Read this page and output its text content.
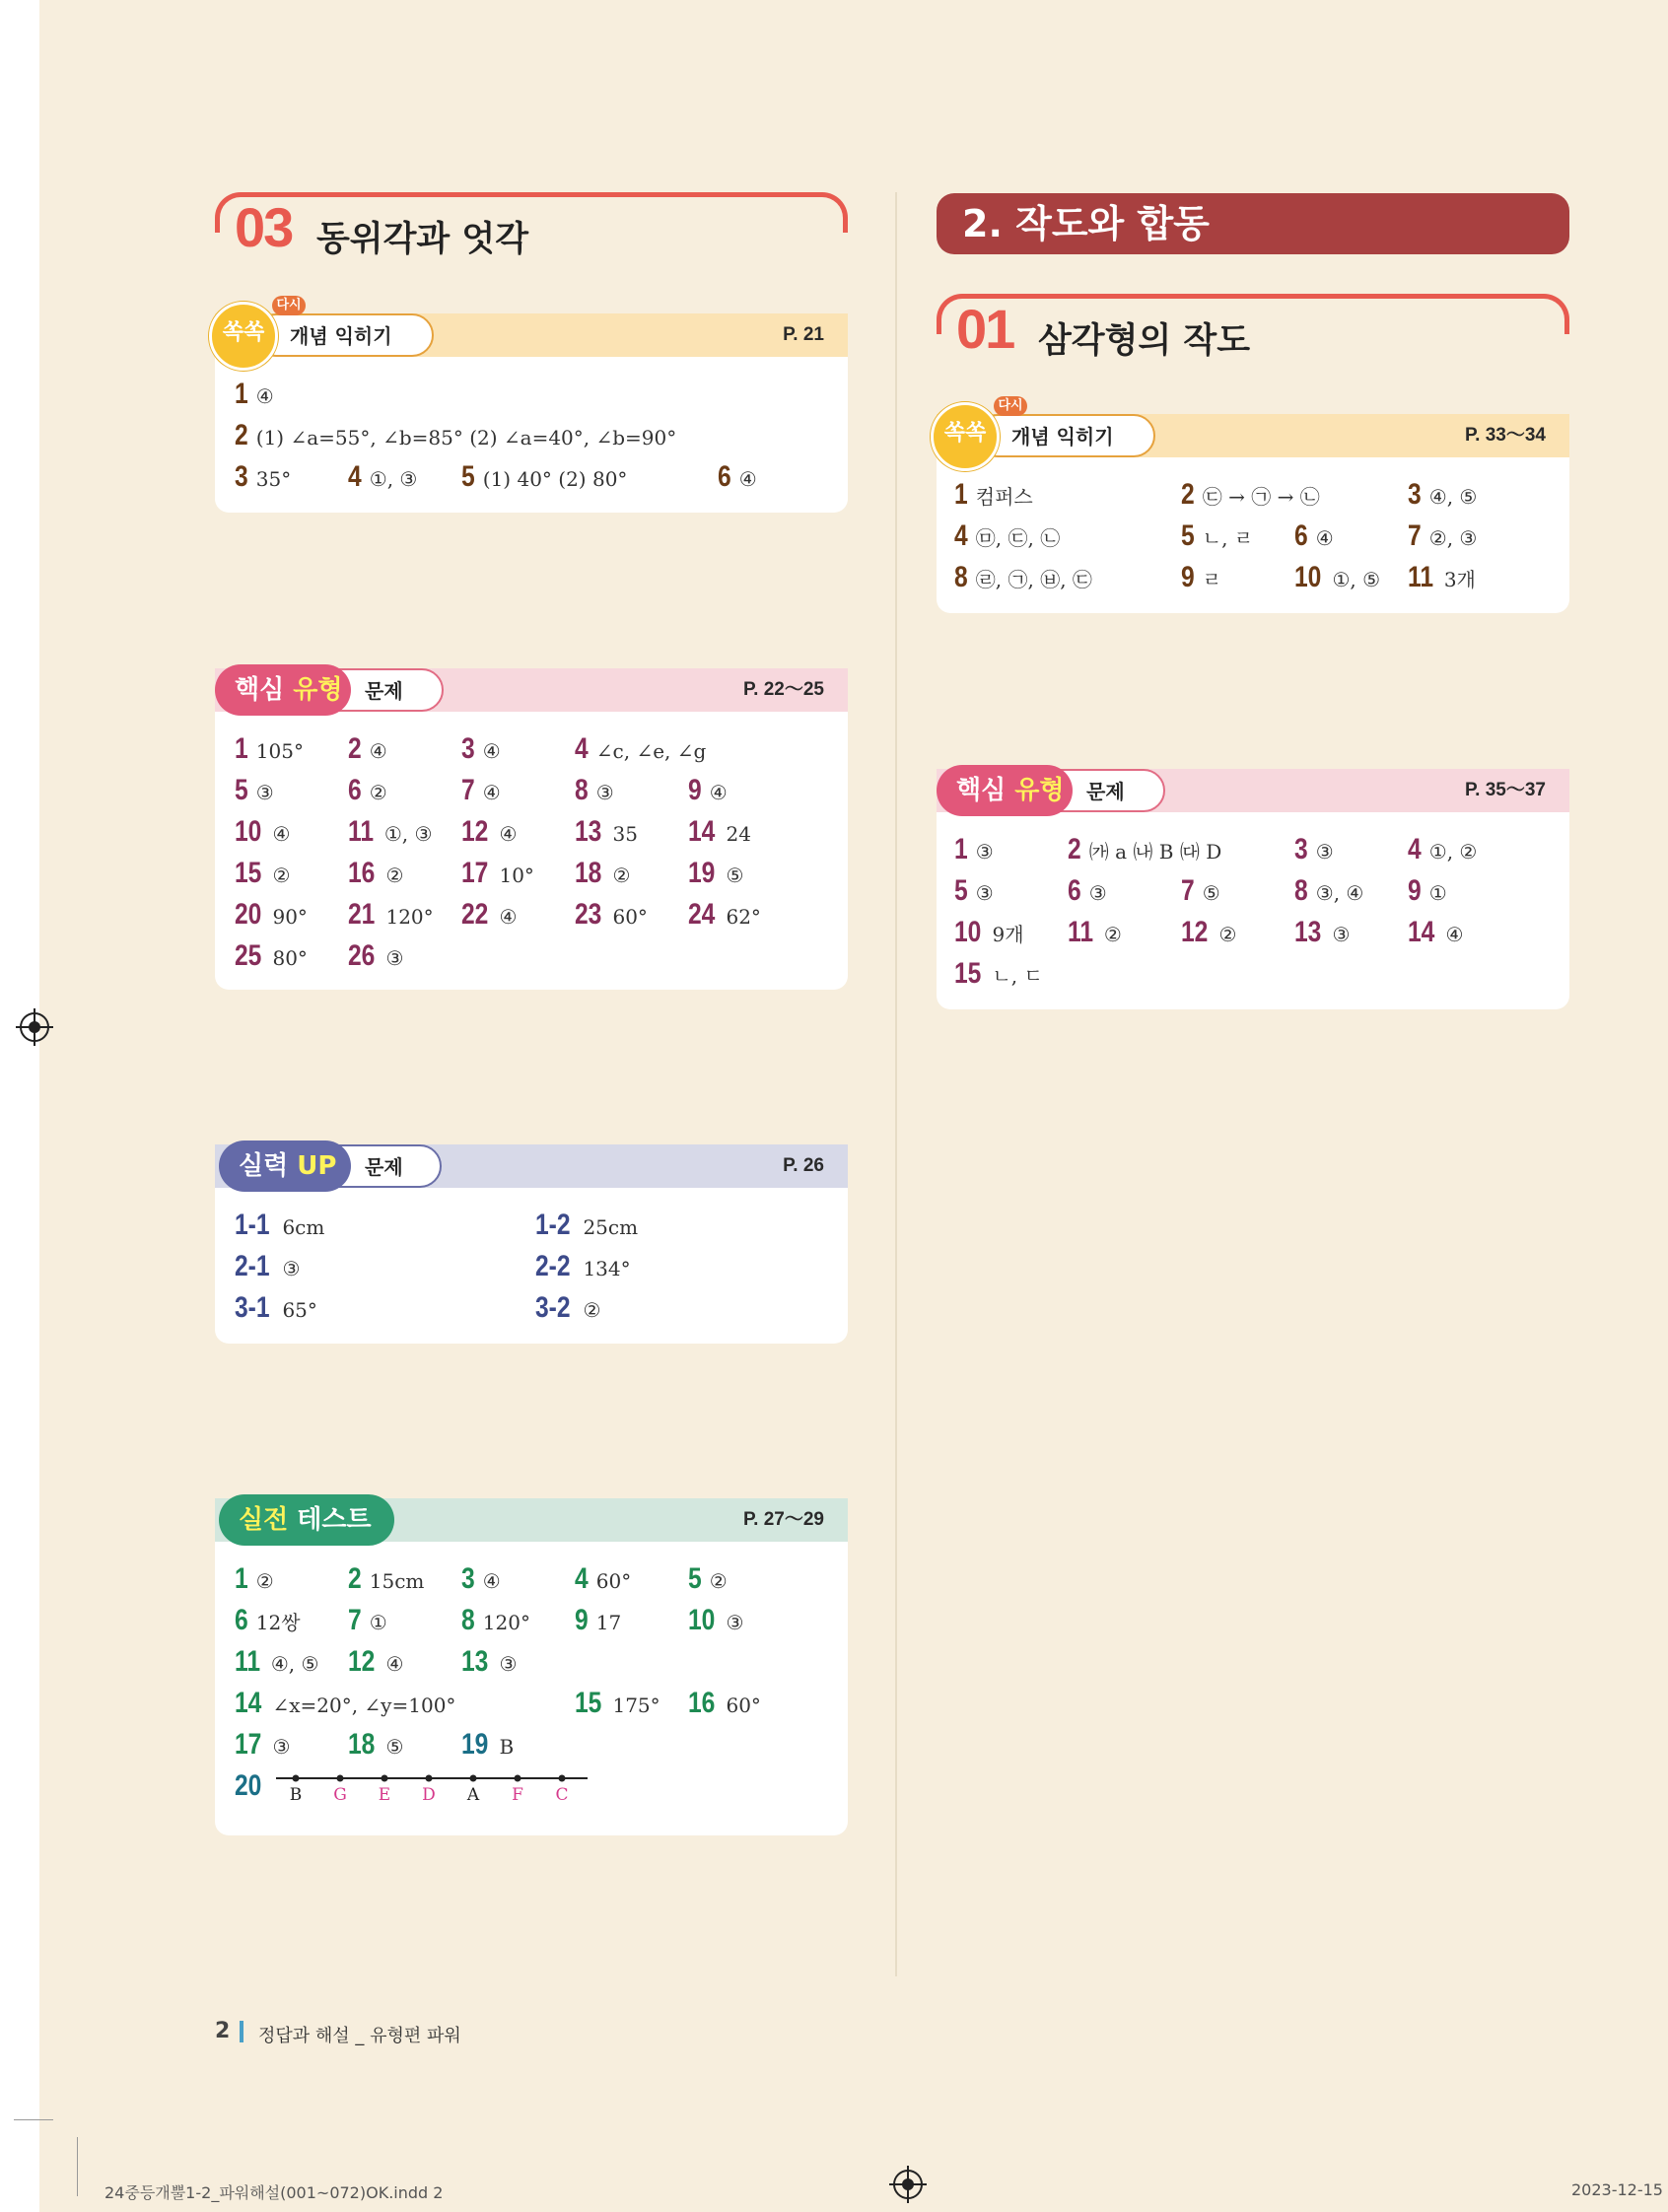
03 동위각과 엇각
P. 21
개념 익히기
쏙쏙
다시
1 ④
2 (1) ∠a=55°, ∠b=85° (2) ∠a=40°, ∠b=90°
3 35° 4 ①, ③ 5 (1) 40° (2) 80°	6 ④
P. 22～25
문제
핵심 유형
1 105° 2 ④	3 ④	4 ∠c, ∠e, ∠g
5 ③	6 ②	7 ④	8 ③	9 ④
10 ④ 11 ①, ③ 12 ④ 13 35 14 24
15 ② 16 ② 17 10° 18 ② 19 ⑤
20 90° 21 120° 22 ④ 23 60° 24 62°
25 80° 26 ③
P. 26
문제
실력 UP
1-1 6cm	1-2 25cm
2-1 ③	2-2 134°
3-1 65°	3-2 ②
P. 27～29
실전 테스트
1 ②	2 15cm 3 ④	4 60° 5 ②
6 12쌍 7 ①	8 120° 9 17 10 ③
11 ④, ⑤ 12 ④ 13 ③
14 ∠x=20°, ∠y=100°	15 175° 16 60°
17 ③ 18 ⑤ 19 B
20	B G E D A F C
2. 작도와 합동
01 삼각형의 작도
P. 33～34
개념 익히기
쏙쏙
다시
1 컴퍼스	2 ㉢ → ㉠ → ㉡	3 ④, ⑤
4 ㉤, ㉢, ㉡	5 ㄴ, ㄹ 6 ④	7 ②, ③
8 ㉣, ㉠, ㉥, ㉢	9 ㄹ 10 ①, ⑤ 11 3개
P. 35～37
문제
핵심 유형
1 ③	2 ㈎ a ㈏ B ㈐ D 3 ③	4 ①, ②
5 ③	6 ③	7 ⑤	8 ③, ④ 9 ①
10 9개 11 ② 12 ② 13 ③ 14 ④
15 ㄴ, ㄷ
2 정답과 해설 _ 유형편 파워
24중등개뿔1-2_파워해설(001~072)OK.indd 2	2023-12-15
